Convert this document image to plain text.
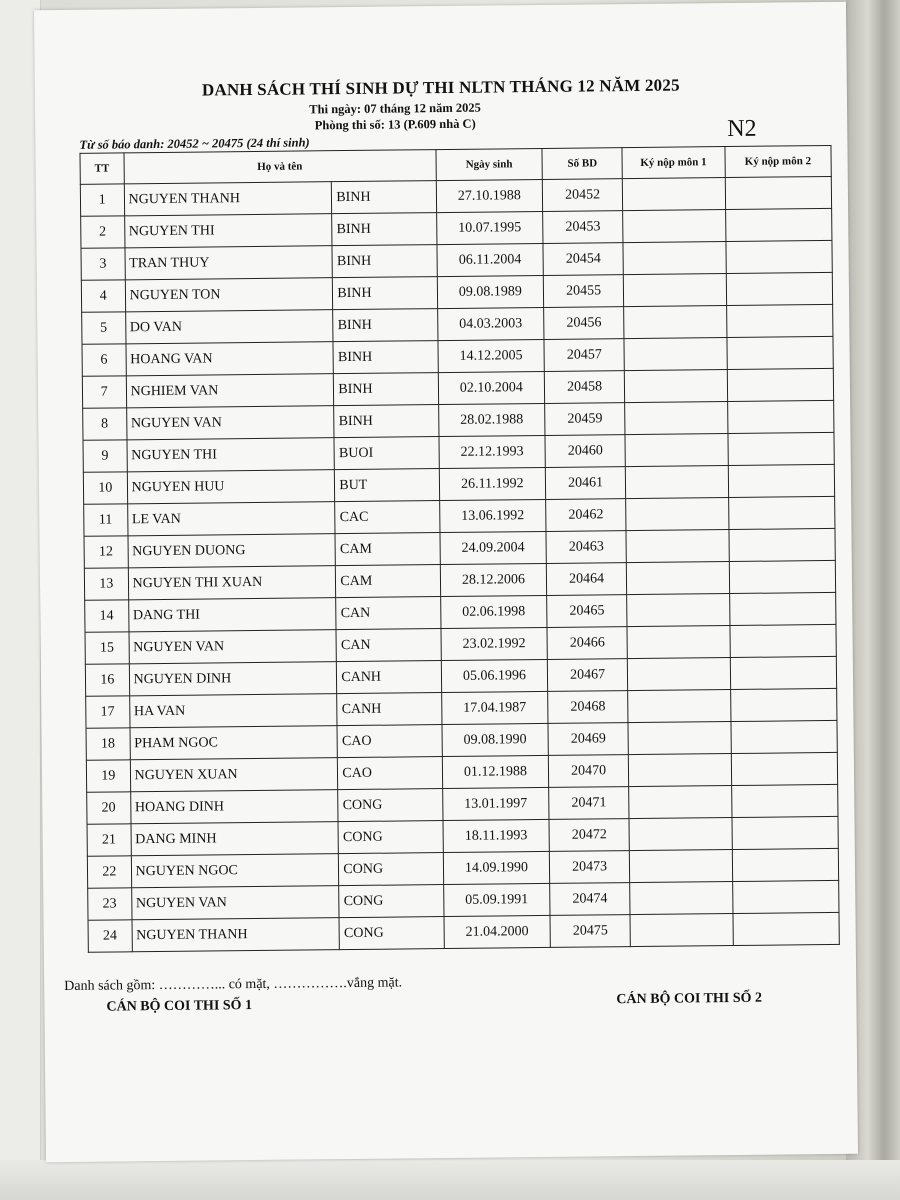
DANH SÁCH THÍ SINH DỰ THI NLTN THÁNG 12 NĂM 2025
Thi ngày: 07 tháng 12 năm 2025
Phòng thi số: 13 (P.609 nhà C)
Từ số báo danh: 20452 ~ 20475 (24 thí sinh)
N2
TT	Họ và tên		Ngày sinh	Số BD	Ký nộp môn 1	Ký nộp môn 2
1	NGUYEN THANH	BINH	27.10.1988	20452		
2	NGUYEN THI	BINH	10.07.1995	20453		
3	TRAN THUY	BINH	06.11.2004	20454		
4	NGUYEN TON	BINH	09.08.1989	20455		
5	DO VAN	BINH	04.03.2003	20456		
6	HOANG VAN	BINH	14.12.2005	20457		
7	NGHIEM VAN	BINH	02.10.2004	20458		
8	NGUYEN VAN	BINH	28.02.1988	20459		
9	NGUYEN THI	BUOI	22.12.1993	20460		
10	NGUYEN HUU	BUT	26.11.1992	20461		
11	LE VAN	CAC	13.06.1992	20462		
12	NGUYEN DUONG	CAM	24.09.2004	20463		
13	NGUYEN THI XUAN	CAM	28.12.2006	20464		
14	DANG THI	CAN	02.06.1998	20465		
15	NGUYEN VAN	CAN	23.02.1992	20466		
16	NGUYEN DINH	CANH	05.06.1996	20467		
17	HA VAN	CANH	17.04.1987	20468		
18	PHAM NGOC	CAO	09.08.1990	20469		
19	NGUYEN XUAN	CAO	01.12.1988	20470		
20	HOANG DINH	CONG	13.01.1997	20471		
21	DANG MINH	CONG	18.11.1993	20472		
22	NGUYEN NGOC	CONG	14.09.1990	20473		
23	NGUYEN VAN	CONG	05.09.1991	20474		
24	NGUYEN THANH	CONG	21.04.2000	20475		
Danh sách gồm: …………... có mặt, …………….vắng mặt.
CÁN BỘ COI THI SỐ 1	CÁN BỘ COI THI SỐ 2
